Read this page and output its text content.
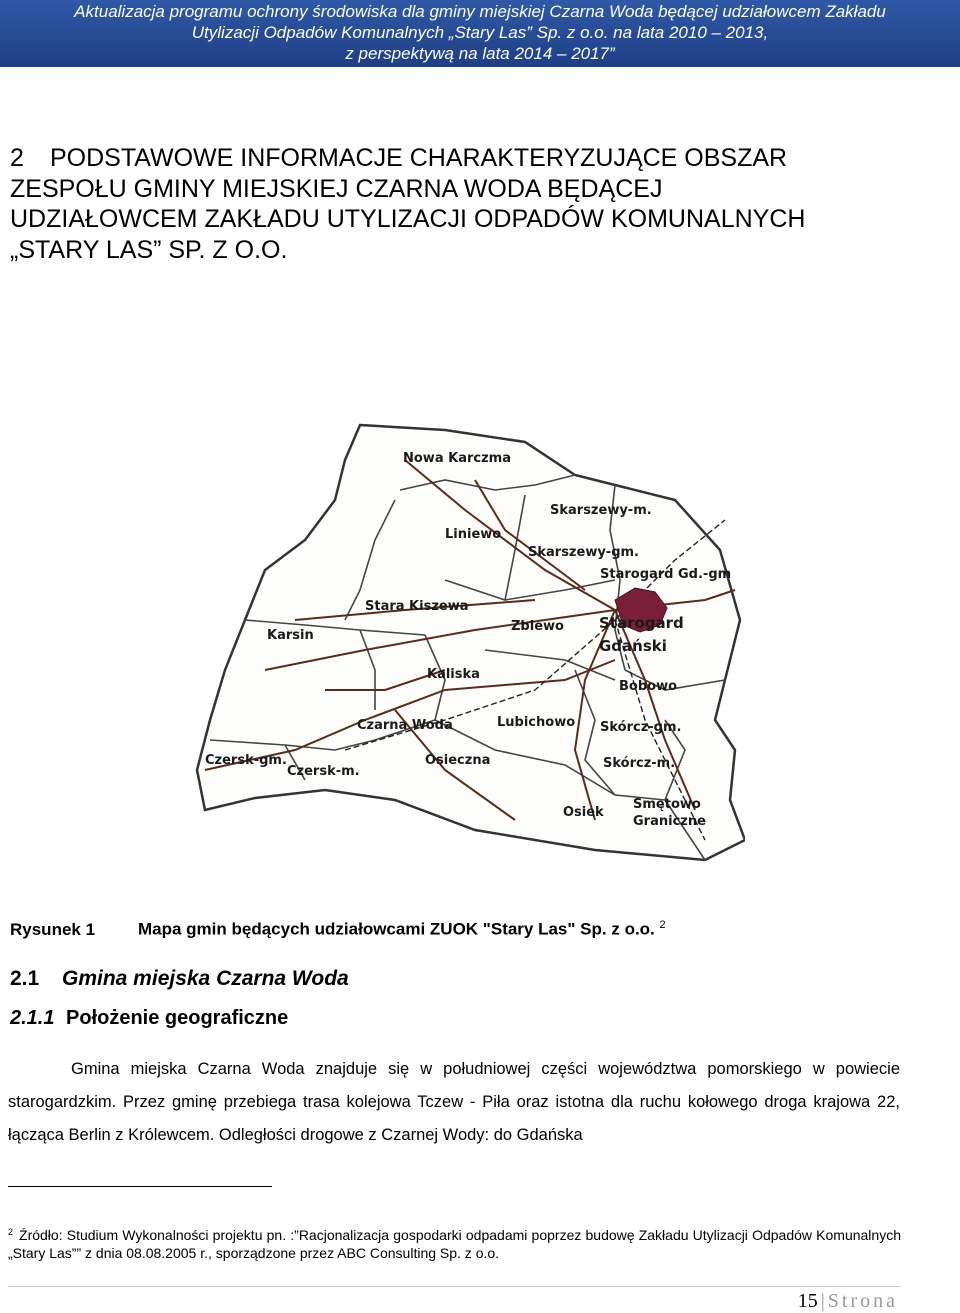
Aktualizacja programu ochrony środowiska dla gminy miejskiej Czarna Woda będącej udziałowcem Zakładu
Utylizacji Odpadów Komunalnych „Stary Las” Sp. z o.o. na lata 2010 – 2013,
z perspektywą na lata 2014 – 2017”
2 PODSTAWOWE INFORMACJE CHARAKTERYZUJĄCE OBSZAR
ZESPOŁU GMINY MIEJSKIEJ CZARNA WODA BĘDĄCEJ
UDZIAŁOWCEM ZAKŁADU UTYLIZACJI ODPADÓW KOMUNALNYCH
„STARY LAS” SP. Z O.O.
Nowa Karczma
Skarszewy-m.
Liniewo
Skarszewy-gm.
Starogard Gd.-gm
Stara Kiszewa
Zblewo Starogard
Gdański
Karsin
Kaliska
Bobowo
Czarna Woda	Lubichowo Skórcz-gm.
Czersk-gm.	Osieczna	Skórcz-m.
Czersk-m.
Smętowo
Graniczne
Osiek
Rysunek 1	Mapa gmin będących udziałowcami ZUOK "Stary Las" Sp. z o.o. $^2$
2.1 Gmina miejska Czarna Woda
2.1.1 Położenie geograficzne
Gmina miejska Czarna Woda znajduje się w południowej części województwa pomorskiego w powiecie starogardzkim. Przez gminę przebiega trasa kolejowa Tczew - Piła oraz istotna dla ruchu kołowego droga krajowa 22, łącząca Berlin z Królewcem. Odległości drogowe z Czarnej Wody: do Gdańska
$^2$ Źródło: Studium Wykonalności projektu pn. :”Racjonalizacja gospodarki odpadami poprzez budowę Zakładu Utylizacji Odpadów Komunalnych „Stary Las”” z dnia 08.08.2005 r., sporządzone przez ABC Consulting Sp. z o.o.
15 | Strona
